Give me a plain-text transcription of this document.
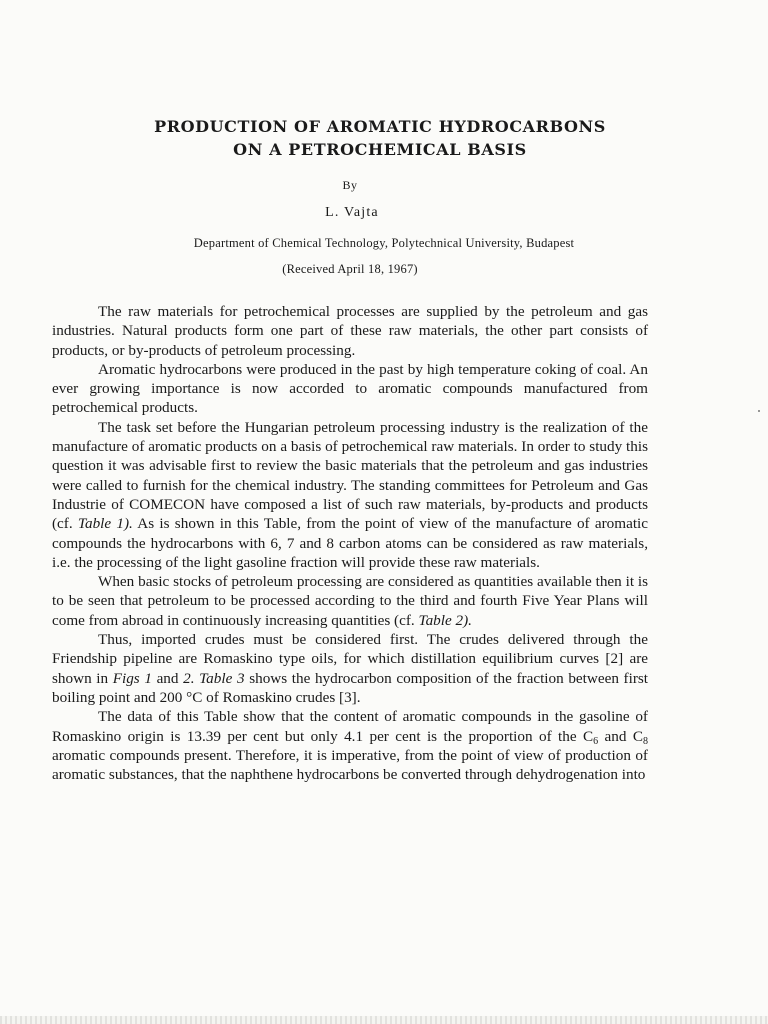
PRODUCTION OF AROMATIC HYDROCARBONS
ON A PETROCHEMICAL BASIS
By
L. Vajta
Department of Chemical Technology, Polytechnical University, Budapest
(Received April 18, 1967)

The raw materials for petrochemical processes are supplied by the petroleum and gas industries. Natural products form one part of these raw materials, the other part consists of products, or by-products of petroleum processing.

Aromatic hydrocarbons were produced in the past by high temperature coking of coal. An ever growing importance is now accorded to aromatic compounds manufactured from petrochemical products.

The task set before the Hungarian petroleum processing industry is the realization of the manufacture of aromatic products on a basis of petrochemical raw materials. In order to study this question it was advisable first to review the basic materials that the petroleum and gas industries were called to furnish for the chemical industry. The standing committees for Petroleum and Gas Industrie of COMECON have composed a list of such raw materials, by-products and products (cf. Table 1). As is shown in this Table, from the point of view of the manufacture of aromatic compounds the hydrocarbons with 6, 7 and 8 carbon atoms can be considered as raw materials, i.e. the processing of the light gasoline fraction will provide these raw materials.

When basic stocks of petroleum processing are considered as quantities available then it is to be seen that petroleum to be processed according to the third and fourth Five Year Plans will come from abroad in continuously increasing quantities (cf. Table 2).

Thus, imported crudes must be considered first. The crudes delivered through the Friendship pipeline are Romaskino type oils, for which distillation equilibrium curves [2] are shown in Figs 1 and 2. Table 3 shows the hydrocarbon composition of the fraction between first boiling point and 200 °C of Romaskino crudes [3].

The data of this Table show that the content of aromatic compounds in the gasoline of Romaskino origin is 13.39 per cent but only 4.1 per cent is the proportion of the $C_6$ and $C_8$ aromatic compounds present. Therefore, it is imperative, from the point of view of production of aromatic substances, that the naphthene hydrocarbons be converted through dehydrogenation into
